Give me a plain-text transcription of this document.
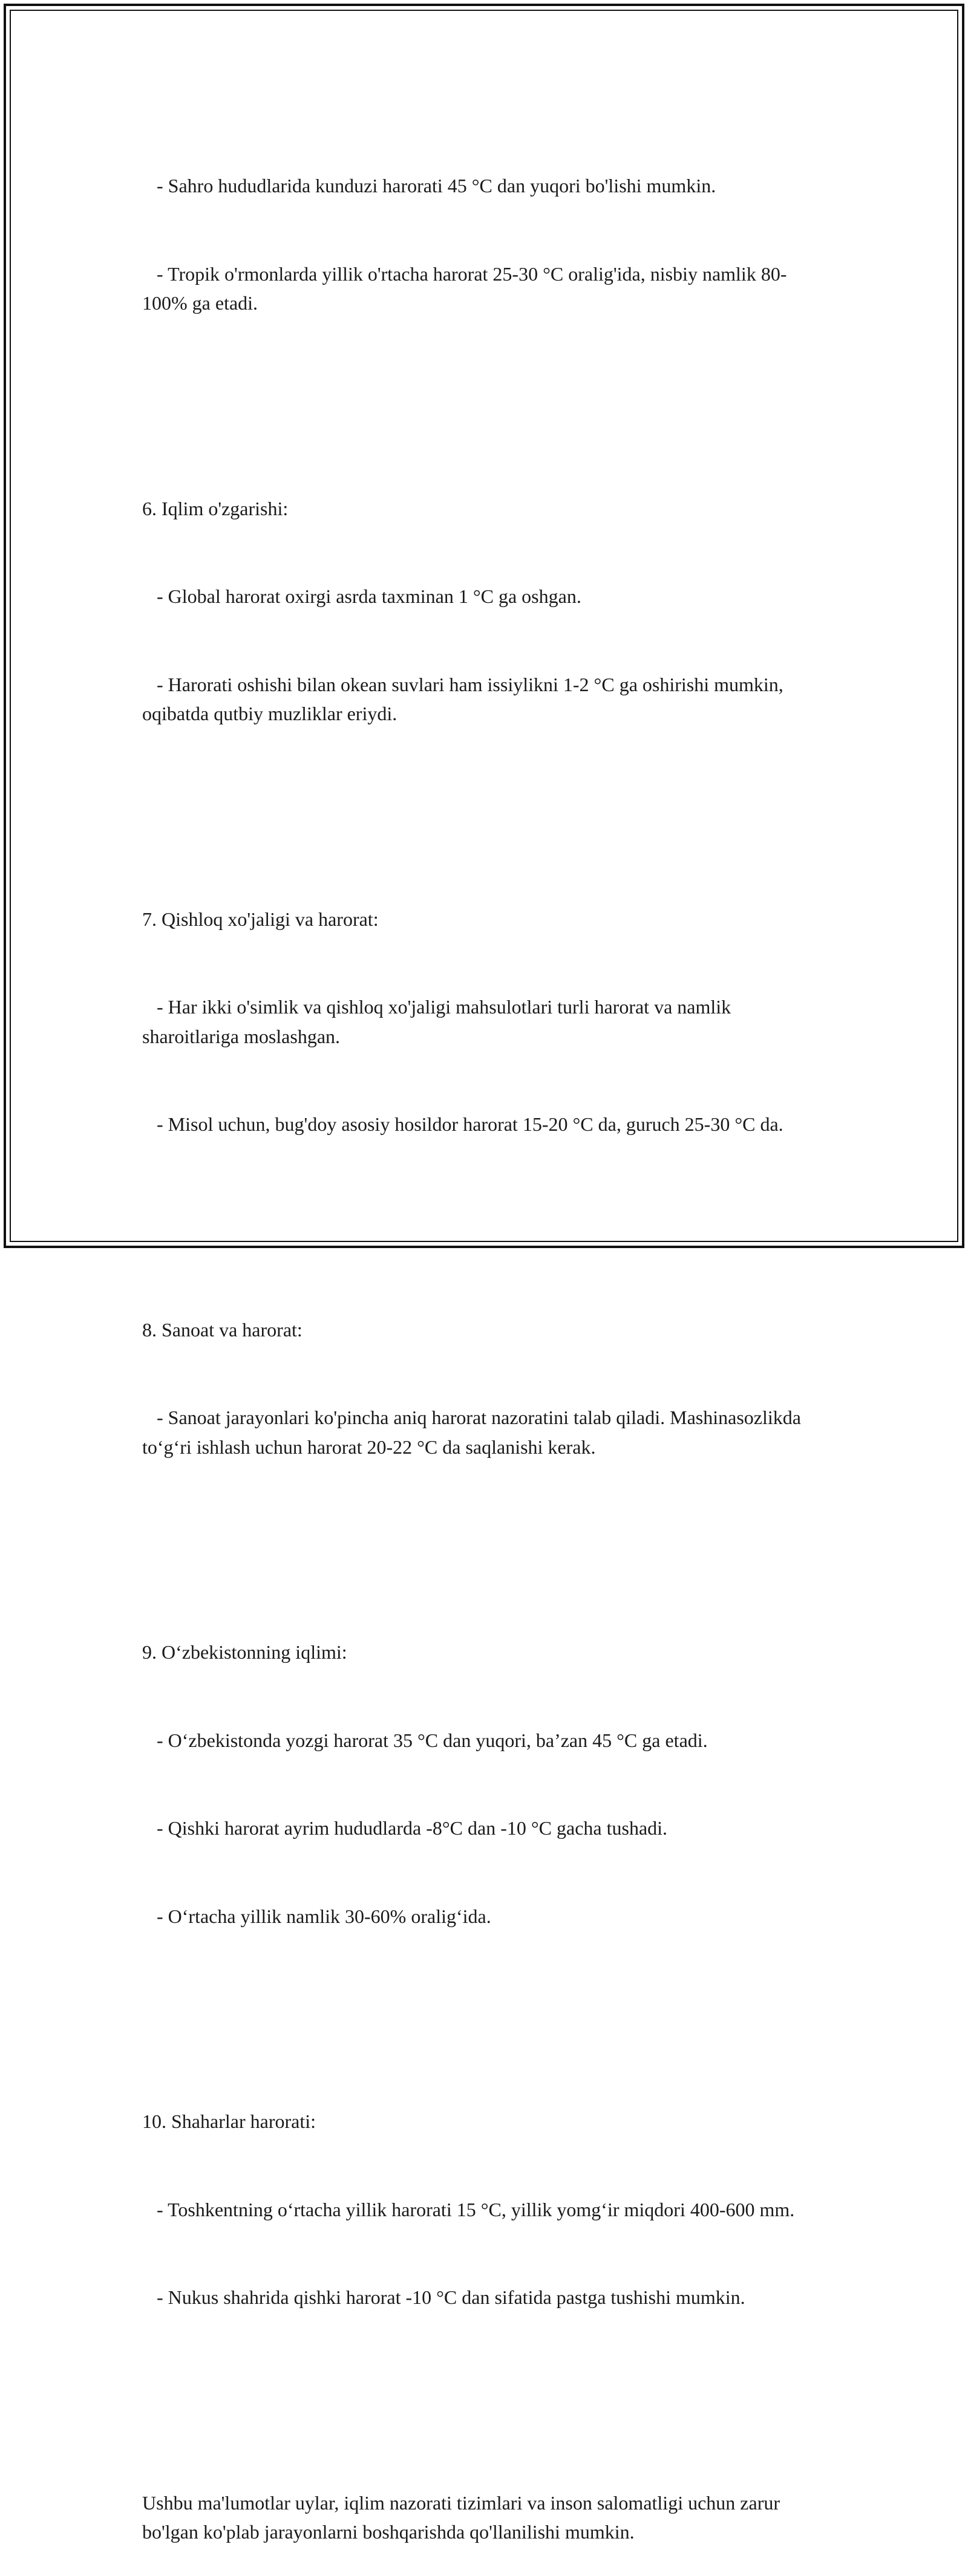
- Sahro hududlarida kunduzi harorati 45 °C dan yuqori bo'lishi mumkin.

- Tropik o'rmonlarda yillik o'rtacha harorat 25-30 °C oralig'ida, nisbiy namlik 80-100% ga etadi.

6. Iqlim o'zgarishi:

- Global harorat oxirgi asrda taxminan 1 °C ga oshgan.

- Harorati oshishi bilan okean suvlari ham issiylikni 1-2 °C ga oshirishi mumkin, oqibatda qutbiy muzliklar eriydi.

7. Qishloq xo'jaligi va harorat:

- Har ikki o'simlik va qishloq xo'jaligi mahsulotlari turli harorat va namlik sharoitlariga moslashgan.

- Misol uchun, bug'doy asosiy hosildor harorat 15-20 °C da, guruch 25-30 °C da.

8. Sanoat va harorat:

- Sanoat jarayonlari ko'pincha aniq harorat nazoratini talab qiladi. Mashinasozlikda to‘g‘ri ishlash uchun harorat 20-22 °C da saqlanishi kerak.

9. O‘zbekistonning iqlimi:

- O‘zbekistonda yozgi harorat 35 °C dan yuqori, ba’zan 45 °C ga etadi.

- Qishki harorat ayrim hududlarda -8°C dan -10 °C gacha tushadi.

- O‘rtacha yillik namlik 30-60% oralig‘ida.

10. Shaharlar harorati:

- Toshkentning o‘rtacha yillik harorati 15 °C, yillik yomg‘ir miqdori 400-600 mm.

- Nukus shahrida qishki harorat -10 °C dan sifatida pastga tushishi mumkin.

Ushbu ma'lumotlar uylar, iqlim nazorati tizimlari va inson salomatligi uchun zarur bo'lgan ko'plab jarayonlarni boshqarishda qo'llanilishi mumkin.
